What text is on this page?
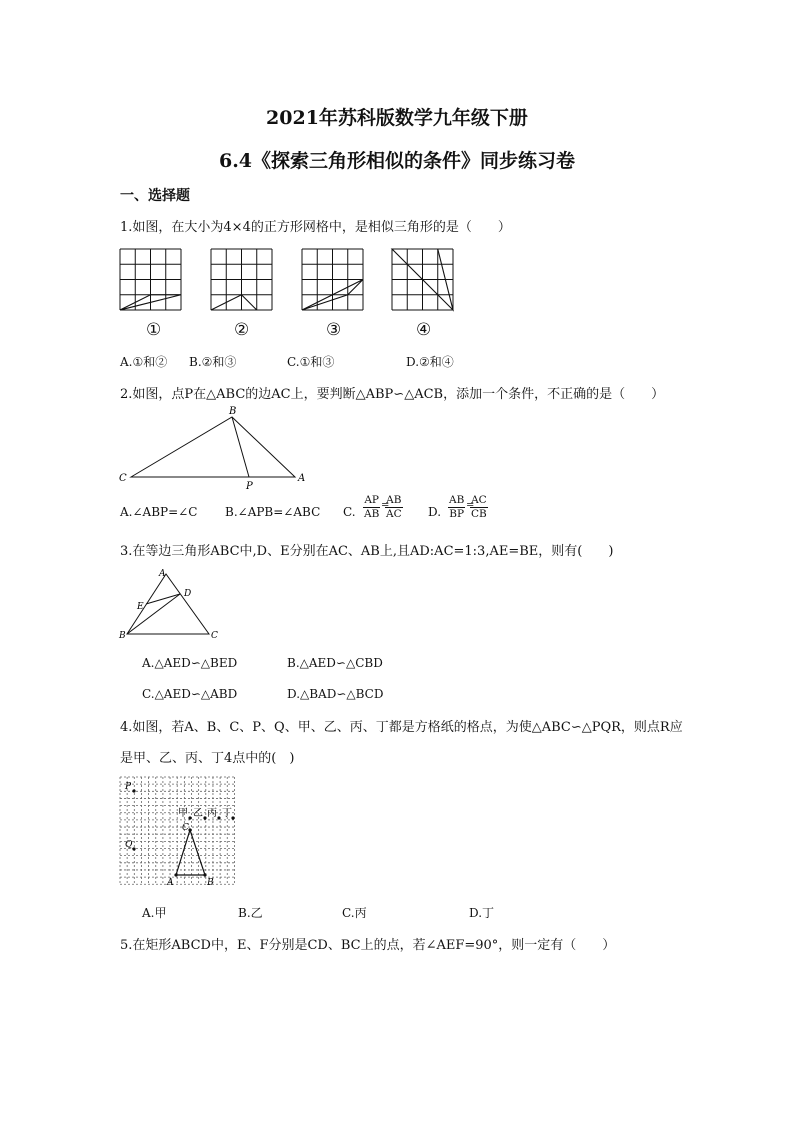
2021年苏科版数学九年级下册
6.4《探索三角形相似的条件》同步练习卷
一、选择题
1.如图，在大小为4×4的正方形网格中，是相似三角形的是（　　）
①	②	③	④
A.①和② B.②和③	C.①和③	D.②和④
2.如图，点P在△ABC的边AC上，要判断△ABP∽△ACB，添加一个条件，不正确的是（　　）
B
C
P
A
A.∠ABP=∠C B.∠APB=∠ABC C. $\frac{AP}{AB}$ =
$\frac{AB}{AC} D$. $\frac{AB}{BP}$ =
$\frac{AC}{CB}$
3.在等边三角形ABC中,D、E分别在AC、AB上,且AD:AC=1:3,AE=BE，则有(　　)
A
D
E
B	C
A.△AED∽△BED	B.△AED∽△CBD
C.△AED∽△ABD	D.△BAD∽△BCD
4.如图，若A、B、C、P、Q、甲、乙、丙、丁都是方格纸的格点，为使△ABC∽△PQR，则点R应
是甲、乙、丙、丁4点中的(　)
P
Q
C
A	B
甲 乙 丙 丁
A.甲	B.乙	C.丙	D.丁
5.在矩形ABCD中，E、F分别是CD、BC上的点，若∠AEF=90°，则一定有（　　）
